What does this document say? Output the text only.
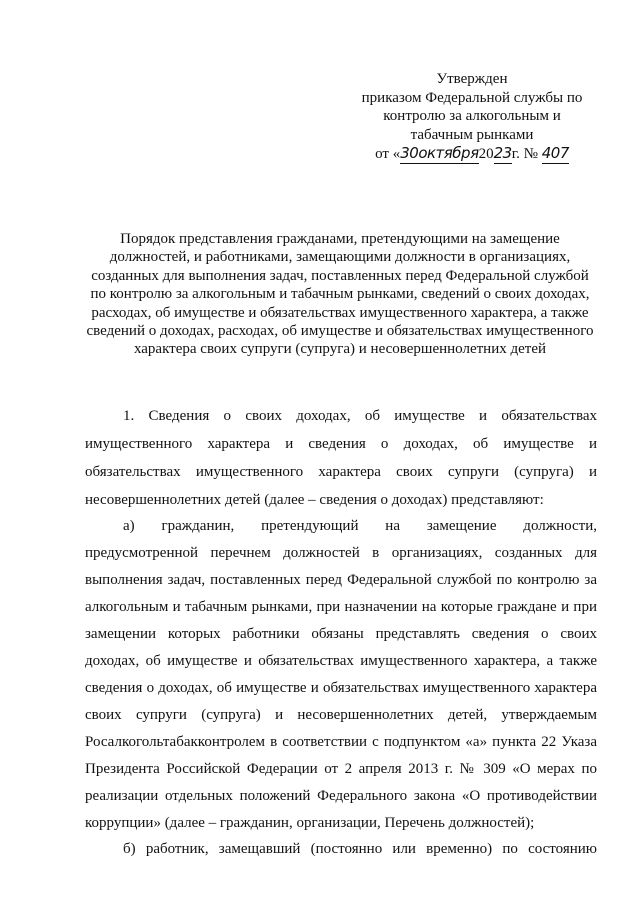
Утвержден
приказом Федеральной службы по
контролю за алкогольным и
табачным рынками
от «30октября2023г. № 407
Порядок представления гражданами, претендующими на замещение
должностей, и работниками, замещающими должности в организациях,
созданных для выполнения задач, поставленных перед Федеральной службой
по контролю за алкогольным и табачным рынками, сведений о своих доходах,
расходах, об имуществе и обязательствах имущественного характера, а также
сведений о доходах, расходах, об имуществе и обязательствах имущественного
характера своих супруги (супруга) и несовершеннолетних детей
1. Сведения о своих доходах, об имуществе и обязательствах
имущественного характера и сведения о доходах, об имуществе и
обязательствах имущественного характера своих супруги (супруга) и
несовершеннолетних детей (далее – сведения о доходах) представляют:
а) гражданин, претендующий на замещение должности,
предусмотренной перечнем должностей в организациях, созданных для
выполнения задач, поставленных перед Федеральной службой по контролю за
алкогольным и табачным рынками, при назначении на которые граждане и при
замещении которых работники обязаны представлять сведения о своих
доходах, об имуществе и обязательствах имущественного характера, а также
сведения о доходах, об имуществе и обязательствах имущественного характера
своих супруги (супруга) и несовершеннолетних детей, утверждаемым
Росалкогольтабакконтролем в соответствии с подпунктом «а» пункта 22 Указа
Президента Российской Федерации от 2 апреля 2013 г. № 309 «О мерах по
реализации отдельных положений Федерального закона «О противодействии
коррупции» (далее – гражданин, организации, Перечень должностей);
б) работник, замещавший (постоянно или временно) по состоянию
